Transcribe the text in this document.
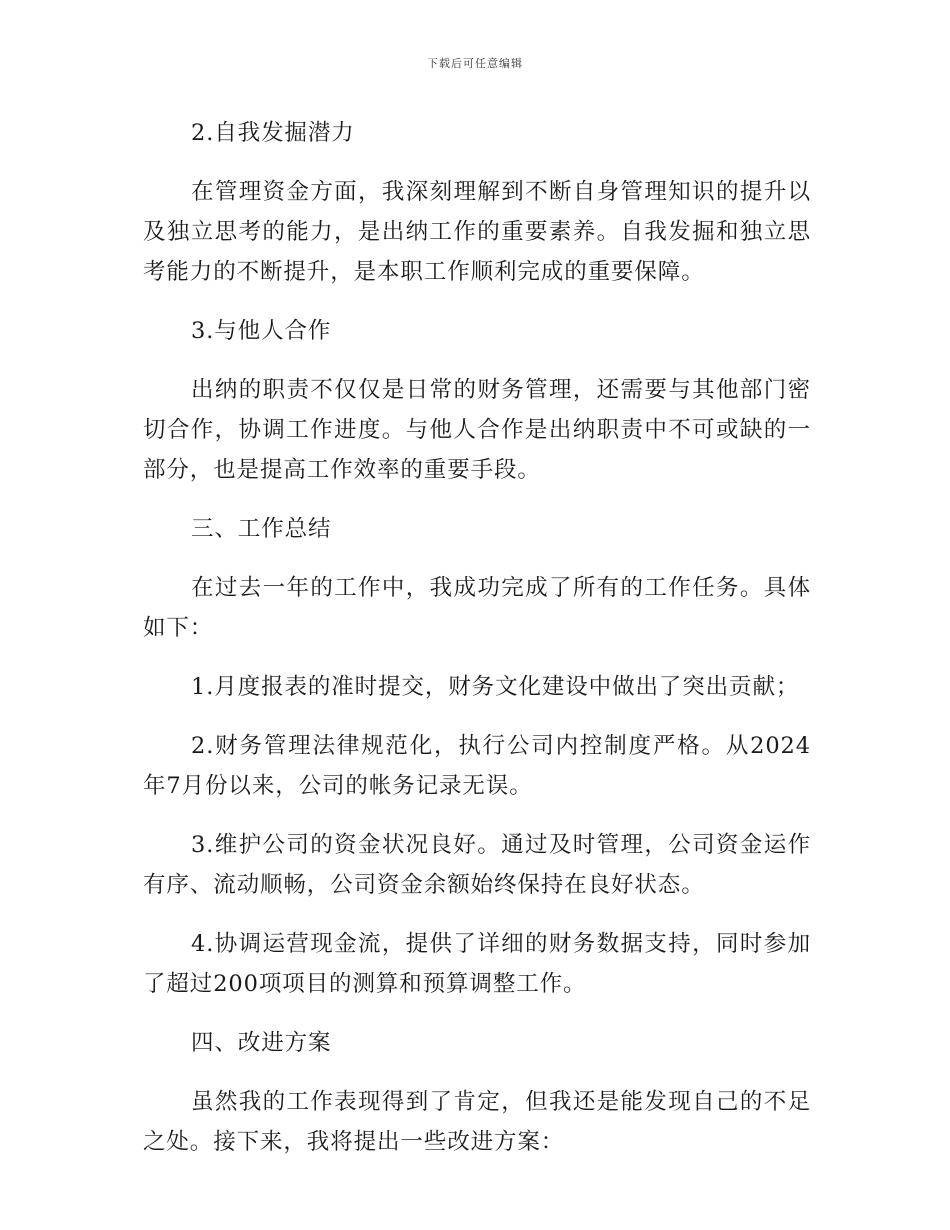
下载后可任意编辑

2.自我发掘潜力

在管理资金方面，我深刻理解到不断自身管理知识的提升以及独立思考的能力，是出纳工作的重要素养。自我发掘和独立思考能力的不断提升，是本职工作顺利完成的重要保障。

3.与他人合作

出纳的职责不仅仅是日常的财务管理，还需要与其他部门密切合作，协调工作进度。与他人合作是出纳职责中不可或缺的一部分，也是提高工作效率的重要手段。

三、工作总结

在过去一年的工作中，我成功完成了所有的工作任务。具体如下：

1.月度报表的准时提交，财务文化建设中做出了突出贡献；

2.财务管理法律规范化，执行公司内控制度严格。从2024年7月份以来，公司的帐务记录无误。

3.维护公司的资金状况良好。通过及时管理，公司资金运作有序、流动顺畅，公司资金余额始终保持在良好状态。

4.协调运营现金流，提供了详细的财务数据支持，同时参加了超过200项项目的测算和预算调整工作。

四、改进方案

虽然我的工作表现得到了肯定，但我还是能发现自己的不足之处。接下来，我将提出一些改进方案：
